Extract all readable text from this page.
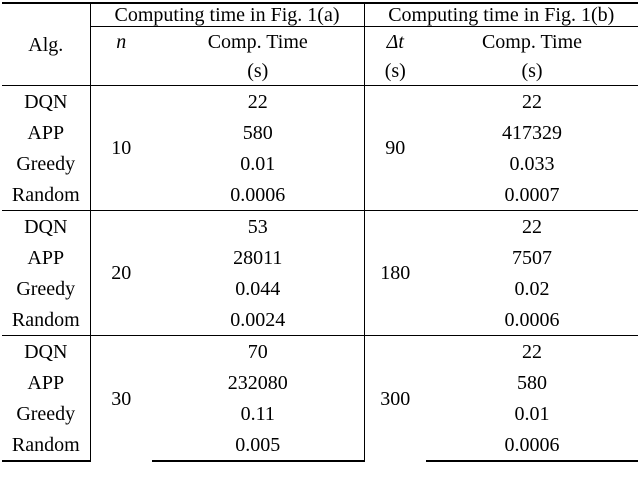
Alg.	Computing time in Fig. 1(a)		Computing time in Fig. 1(b)	
	n	Comp. Time	Δt	Comp. Time
		(s)	(s)	(s)
DQN	10	22	90	22
APP		580		417329
Greedy		0.01		0.033
Random		0.0006		0.0007
DQN	20	53	180	22
APP		28011		7507
Greedy		0.044		0.02
Random		0.0024		0.0006
DQN	30	70	300	22
APP		232080		580
Greedy		0.11		0.01
Random		0.005		0.0006
